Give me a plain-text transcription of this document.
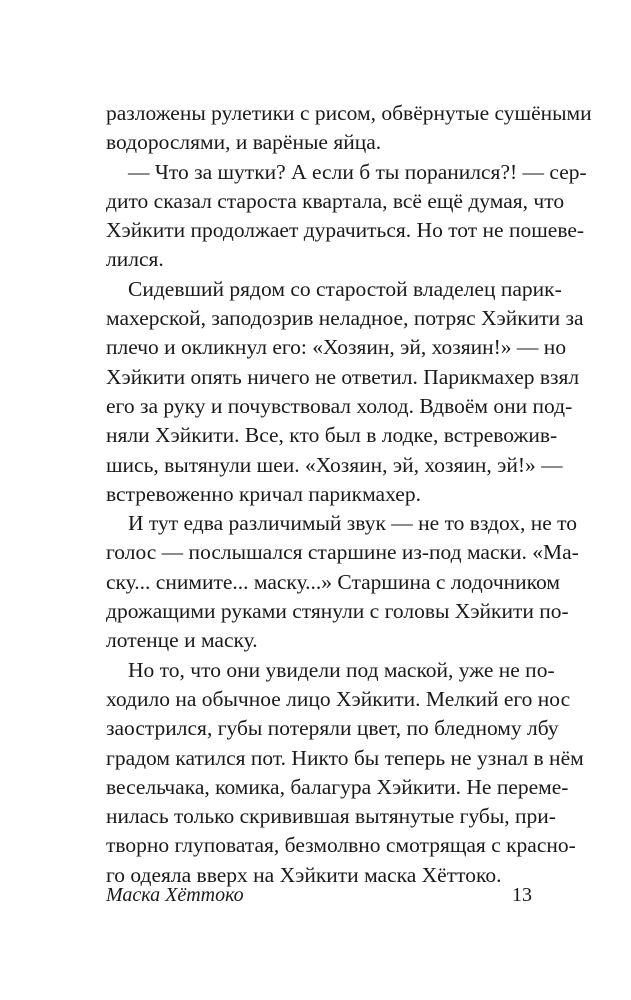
разложены рулетики с рисом, обвёрнутые сушёными
водорослями, и варёные яйца.
— Что за шутки? А если б ты поранился?! — сер-
дито сказал староста квартала, всё ещё думая, что
Хэйкити продолжает дурачиться. Но тот не пошеве-
лился.
Сидевший рядом со старостой владелец парик-
махерской, заподозрив неладное, потряс Хэйкити за
плечо и окликнул его: «Хозяин, эй, хозяин!» — но
Хэйкити опять ничего не ответил. Парикмахер взял
его за руку и почувствовал холод. Вдвоём они под-
няли Хэйкити. Все, кто был в лодке, встревожив-
шись, вытянули шеи. «Хозяин, эй, хозяин, эй!» —
встревоженно кричал парикмахер.
И тут едва различимый звук — не то вздох, не то
голос — послышался старшине из-под маски. «Ма-
ску... снимите... маску...» Старшина с лодочником
дрожащими руками стянули с головы Хэйкити по-
лотенце и маску.
Но то, что они увидели под маской, уже не по-
ходило на обычное лицо Хэйкити. Мелкий его нос
заострился, губы потеряли цвет, по бледному лбу
градом катился пот. Никто бы теперь не узнал в нём
весельчака, комика, балагура Хэйкити. Не переме-
нилась только скривившая вытянутые губы, при-
творно глуповатая, безмолвно смотрящая с красно-
го одеяла вверх на Хэйкити маска Хёттоко.
Маска Хёттоко	13
